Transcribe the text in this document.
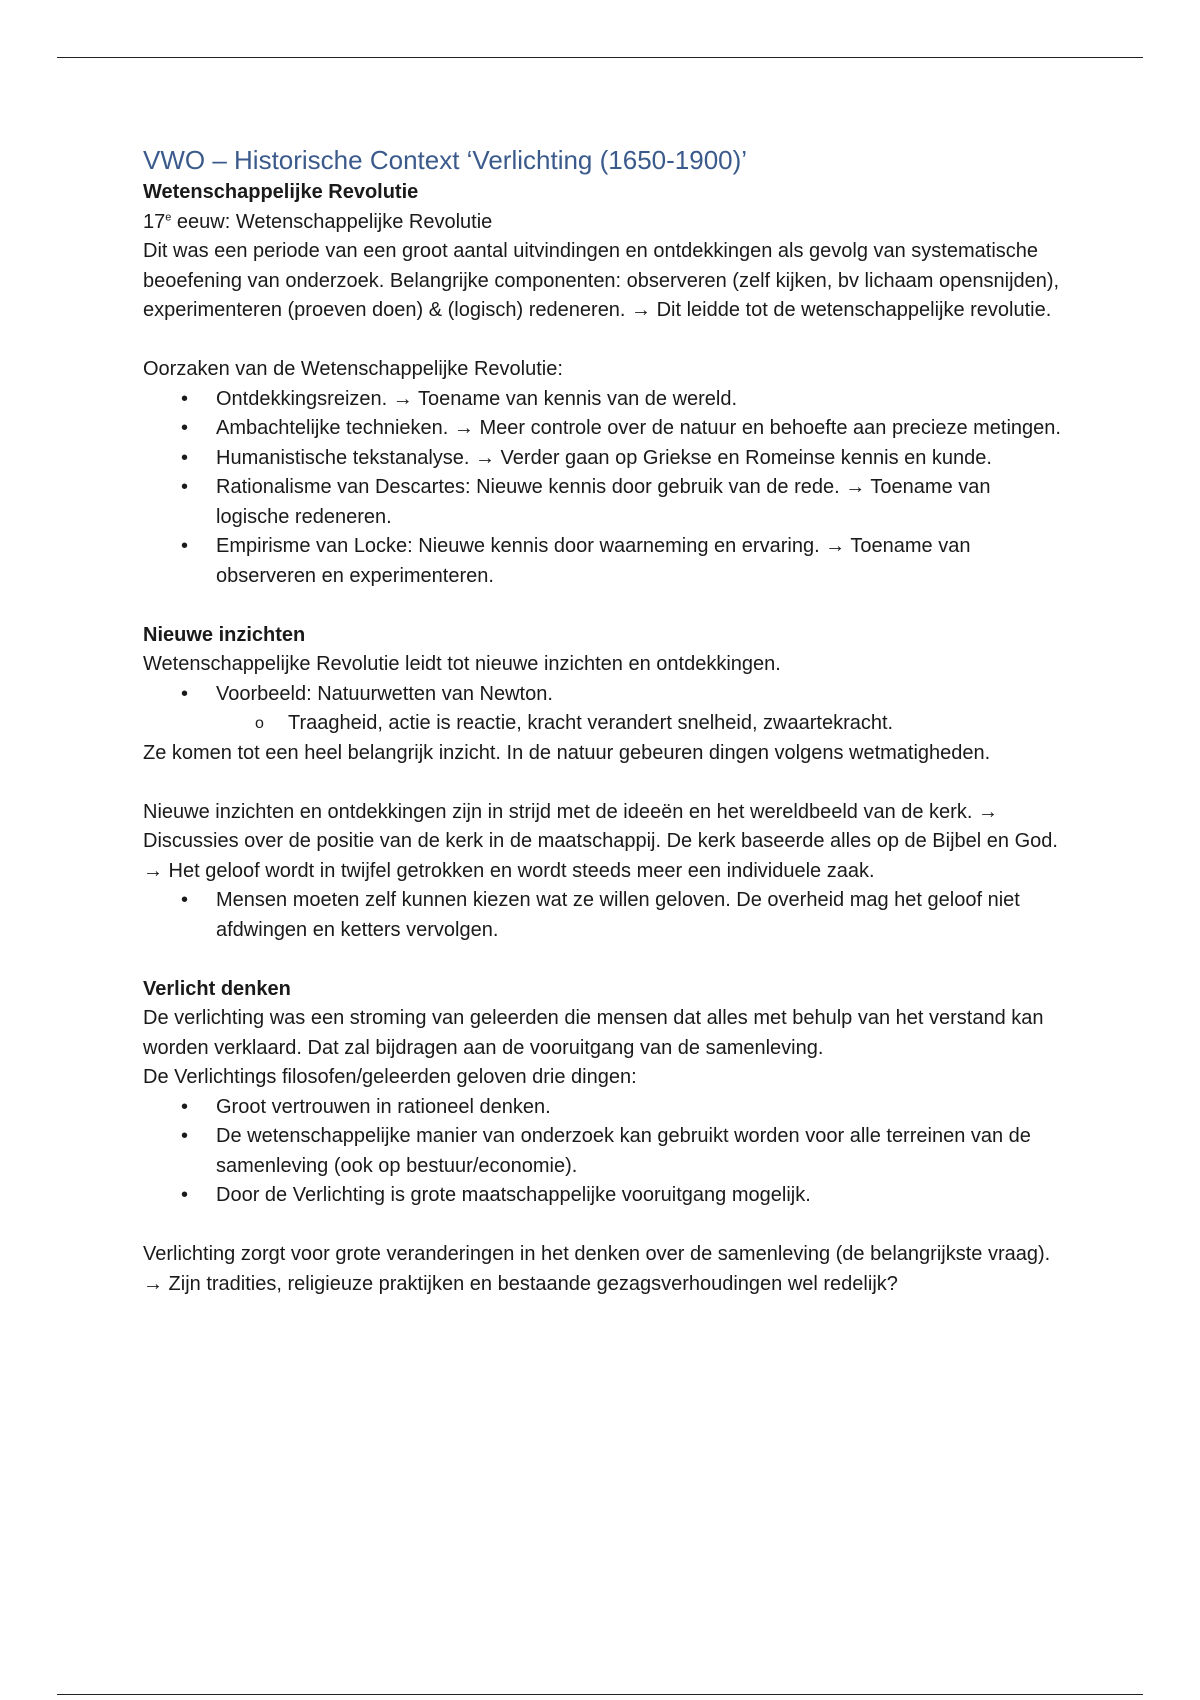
VWO – Historische Context ‘Verlichting (1650-1900)’

Wetenschappelijke Revolutie

17e eeuw: Wetenschappelijke Revolutie

Dit was een periode van een groot aantal uitvindingen en ontdekkingen als gevolg van systematische beoefening van onderzoek. Belangrijke componenten: observeren (zelf kijken, bv lichaam opensnijden), experimenteren (proeven doen) & (logisch) redeneren. → Dit leidde tot de wetenschappelijke revolutie.

Oorzaken van de Wetenschappelijke Revolutie:

• Ontdekkingsreizen. → Toename van kennis van de wereld.
• Ambachtelijke technieken. → Meer controle over de natuur en behoefte aan precieze metingen.
• Humanistische tekstanalyse. → Verder gaan op Griekse en Romeinse kennis en kunde.
• Rationalisme van Descartes: Nieuwe kennis door gebruik van de rede. → Toename van logische redeneren.
• Empirisme van Locke: Nieuwe kennis door waarneming en ervaring. → Toename van observeren en experimenteren.

Nieuwe inzichten

Wetenschappelijke Revolutie leidt tot nieuwe inzichten en ontdekkingen.

• Voorbeeld: Natuurwetten van Newton.
o Traagheid, actie is reactie, kracht verandert snelheid, zwaartekracht.

Ze komen tot een heel belangrijk inzicht. In de natuur gebeuren dingen volgens wetmatigheden.

Nieuwe inzichten en ontdekkingen zijn in strijd met de ideeën en het wereldbeeld van de kerk. → Discussies over de positie van de kerk in de maatschappij. De kerk baseerde alles op de Bijbel en God. → Het geloof wordt in twijfel getrokken en wordt steeds meer een individuele zaak.

• Mensen moeten zelf kunnen kiezen wat ze willen geloven. De overheid mag het geloof niet afdwingen en ketters vervolgen.

Verlicht denken

De verlichting was een stroming van geleerden die mensen dat alles met behulp van het verstand kan worden verklaard. Dat zal bijdragen aan de vooruitgang van de samenleving.

De Verlichtings filosofen/geleerden geloven drie dingen:

• Groot vertrouwen in rationeel denken.
• De wetenschappelijke manier van onderzoek kan gebruikt worden voor alle terreinen van de samenleving (ook op bestuur/economie).
• Door de Verlichting is grote maatschappelijke vooruitgang mogelijk.

Verlichting zorgt voor grote veranderingen in het denken over de samenleving (de belangrijkste vraag). → Zijn tradities, religieuze praktijken en bestaande gezagsverhoudingen wel redelijk?
